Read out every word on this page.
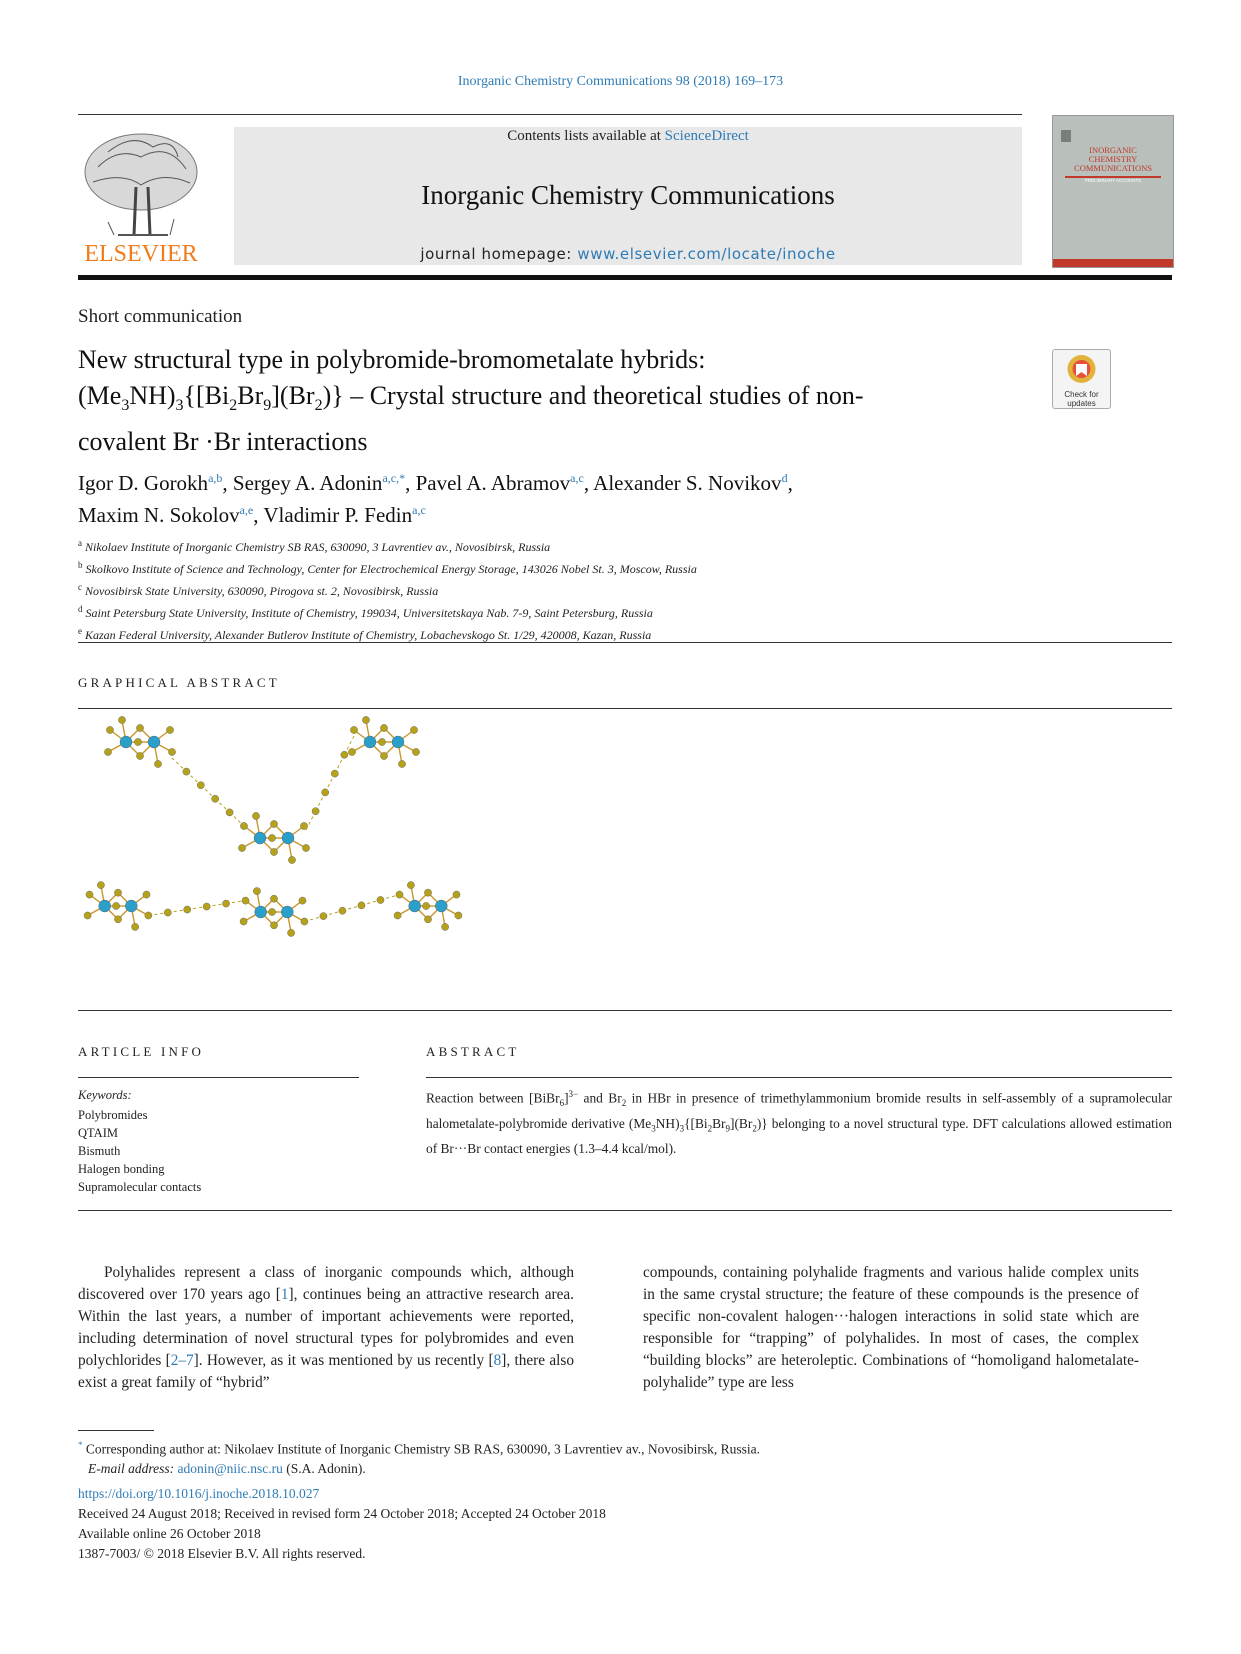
Inorganic Chemistry Communications 98 (2018) 169–173
ELSEVIER
Contents lists available at ScienceDirect
Inorganic Chemistry Communications
journal homepage: www.elsevier.com/locate/inoche
INORGANIC
CHEMISTRY
COMMUNICATIONS
PRELIMINARY ACCOUNTS
Short communication
New structural type in polybromide-bromometalate hybrids:
$(Me_3NH)_3\{[Bi_2Br_9](Br_2)\}$ – Crystal structure and theoretical studies of non-
covalent Br ·Br interactions
Check for updates
Igor D. Gorokh$^{a,b}$, Sergey A. Adonin$^{a,c,*}$, Pavel A. Abramov$^{a,c}$, Alexander S. Novikov$^d$,
Maxim N. Sokolov$^{a,e}$, Vladimir P. Fedin$^{a,c}$
$^a$ Nikolaev Institute of Inorganic Chemistry SB RAS, 630090, 3 Lavrentiev av., Novosibirsk, Russia
$^b$ Skolkovo Institute of Science and Technology, Center for Electrochemical Energy Storage, 143026 Nobel St. 3, Moscow, Russia
$^c$ Novosibirsk State University, 630090, Pirogova st. 2, Novosibirsk, Russia
$^d$ Saint Petersburg State University, Institute of Chemistry, 199034, Universitetskaya Nab. 7-9, Saint Petersburg, Russia
$^e$ Kazan Federal University, Alexander Butlerov Institute of Chemistry, Lobachevskogo St. 1/29, 420008, Kazan, Russia
GRAPHICAL ABSTRACT
ARTICLE INFO
Keywords:
Polybromides
QTAIM
Bismuth
Halogen bonding
Supramolecular contacts
ABSTRACT
Reaction between [BiBr$_6$]$^{3-}$ and $Br_2$ in HBr in presence of trimethylammonium bromide results in self-assembly of a supramolecular halometalate-polybromide derivative $(Me_3NH)_3\{[Bi_2Br_9](Br_2)\}$ belonging to a novel structural type. DFT calculations allowed estimation of Br···Br contact energies (1.3–4.4 kcal/mol).
Polyhalides represent a class of inorganic compounds which, although discovered over 170 years ago [1], continues being an attractive research area. Within the last years, a number of important achievements were reported, including determination of novel structural types for polybromides and even polychlorides [2–7]. However, as it was mentioned by us recently [8], there also exist a great family of “hybrid”
compounds, containing polyhalide fragments and various halide complex units in the same crystal structure; the feature of these compounds is the presence of specific non-covalent halogen···halogen interactions in solid state which are responsible for “trapping” of polyhalides. In most of cases, the complex “building blocks” are heteroleptic. Combinations of “homoligand halometalate-polyhalide” type are less
* Corresponding author at: Nikolaev Institute of Inorganic Chemistry SB RAS, 630090, 3 Lavrentiev av., Novosibirsk, Russia.
E-mail address: adonin@niic.nsc.ru (S.A. Adonin).
https://doi.org/10.1016/j.inoche.2018.10.027
Received 24 August 2018; Received in revised form 24 October 2018; Accepted 24 October 2018
Available online 26 October 2018
1387-7003/ © 2018 Elsevier B.V. All rights reserved.
